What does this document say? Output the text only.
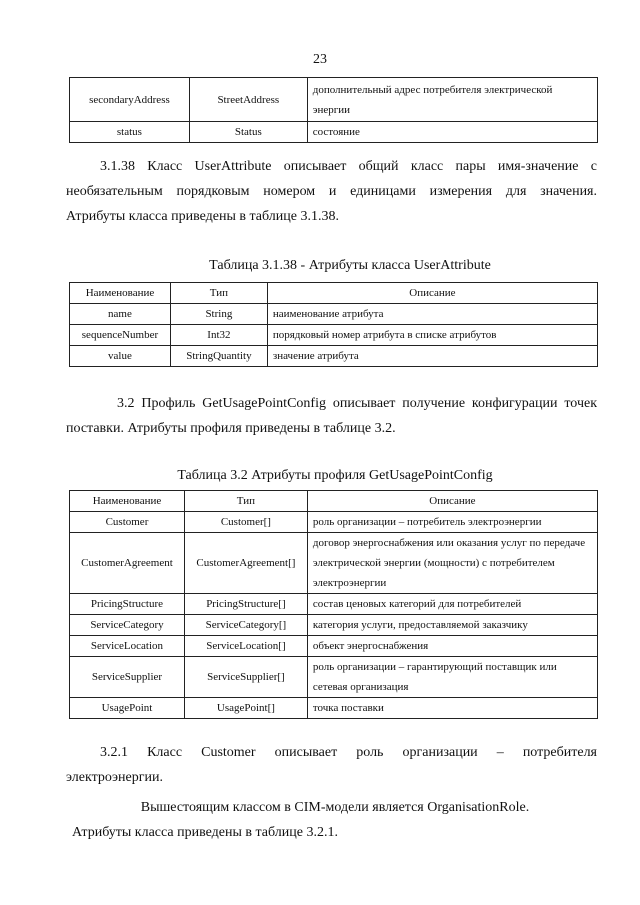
23
secondaryAddress	StreetAddress	дополнительный адрес потребителя электрической энергии
status	Status	состояние
3.1.38 Класс UserAttribute описывает общий класс пары имя-значение с
необязательным порядковым номером и единицами измерения для значения.
Атрибуты класса приведены в таблице 3.1.38.
Таблица 3.1.38 - Атрибуты класса UserAttribute
Наименование	Тип	Описание
name	String	наименование атрибута
sequenceNumber	Int32	порядковый номер атрибута в списке атрибутов
value	StringQuantity	значение атрибута
3.2 Профиль GetUsagePointConfig описывает получение конфигурации точек
поставки. Атрибуты профиля приведены в таблице 3.2.
Таблица 3.2 Атрибуты профиля GetUsagePointConfig
Наименование	Тип	Описание
Customer	Customer[]	роль организации – потребитель электроэнергии
CustomerAgreement	CustomerAgreement[]	договор энергоснабжения или оказания услуг по передаче электрической энергии (мощности) с потребителем электроэнергии
PricingStructure	PricingStructure[]	состав ценовых категорий для потребителей
ServiceCategory	ServiceCategory[]	категория услуги, предоставляемой заказчику
ServiceLocation	ServiceLocation[]	объект энергоснабжения
ServiceSupplier	ServiceSupplier[]	роль организации – гарантирующий поставщик или сетевая организация
UsagePoint	UsagePoint[]	точка поставки
3.2.1 Класс Customer описывает роль организации – потребителя
электроэнергии.
Вышестоящим классом в CIM-модели является OrganisationRole.
Атрибуты класса приведены в таблице 3.2.1.
